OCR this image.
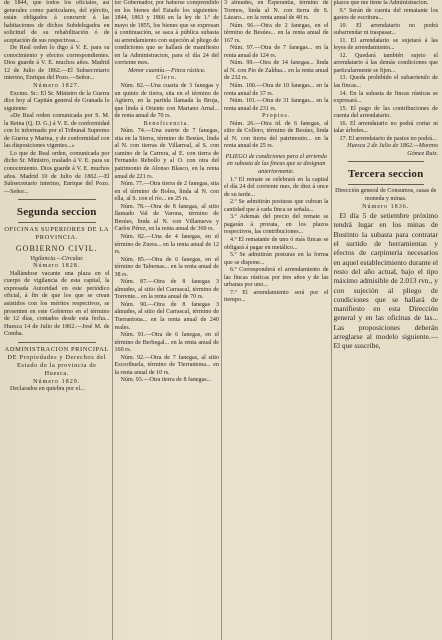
de 1844, que todos los oficiales, así generales como particulares, del ejército, están obligados á concurrir á las habitaciones de dichos Subdelegados en solicitud de su rehabilitación ó de aceptación de sus respectivas...

De Real orden lo digo á V. E. para su conocimiento y efectos correspondientes. Dios guarde á V. E. muchos años. Madrid 12 de Julio de 1862.—El Subsecretario interino, Enrique del Pozo.—Señor...

Número 1827.

Excmo. Sr.: El Sr. Ministro de la Guerra dice hoy al Capitán general de Granada lo siguiente:

«De Real orden comunicada por S. M. la Reina (Q. D. G.) á V. E. de conformidad con lo informado por el Tribunal Supremo de Guerra y Marina, y de conformidad con las disposiciones vigentes...»

Lo que de Real orden, comunicada por dicho Sr. Ministro, traslado á V. E. para su conocimiento. Dios guarde á V. E. muchos años. Madrid 10 de Julio de 1862.—El Subsecretario interino, Enrique del Pozo.—Señor...

Segunda seccion
OFICINAS SUPERIORES DE LA PROVINCIA.
GOBIERNO CIVIL.

Vigilancia.—Circular.

Número 1828.

Hallándose vacante una plaza en el cuerpo de vigilancia de esta capital, la expresada Autoridad en este periódico oficial, á fin de que los que se crean asistidos con los méritos respectivos, se presenten en este Gobierno en el término de 12 días, contados desde esta fecha... Huesca 14 de Julio de 1862.—José M. de Comba.

ADMINISTRACION PRINCIPAL DE Propiedades y Derechos del Estado de la provincia de Huesca.

Número 1829.

Declarados en quiebra por el...

tor Gobernador, por haberse comprendido en los bienes del Estado los siguientes: 1844, 1863 y 1866 en la ley de 1.º de mayo de 1855, los bienes que se expresan á continuación, se saca á pública subasta su arrendamiento con sujeción al pliego de condiciones que se hallará de manifiesto en la Administracion, para el día 24 del corriente mes.

Menor cuantía.—Finca rústica.

Clero.

Núm. 82.—Una cuarta de 3 fanegas y un quinto de tierra, sita en el término de Agüero, en la partida llamada la Bruja, que linda á Oriente con Mariano Arnal... de renta anual de 70 rs.

Beneficencia.

Núm. 74.—Una suerte de 7 fanegas, sita en la Sierra, término de Besúes, linda al N. con tierras de Villarreal, al S. con camino de la Carrera, al E. con tierra de Fernando Rebollo y al O. con otra del patrimonio de Alonso Blasco, en la renta anual de 221 rs.

Núm. 77.—Otra tierra de 2 fanegas, sita en el término de Bolea, linda al N. con ella, al S. con el río... en 25 rs.

Núm. 78.—Otra de 8 fanegas, al sitio llamado Val de Varona, término de Besúes, linda al N. con Villanueva y Carlos Pérez, en la renta anual de 360 rs.

Núm. 82.—Una de 4 fanegas, en el término de Zuera... en la renta anual de 12 rs.

Núm. 85.—Otra de 6 fanegas, en el término de Tabernas... en la renta anual de 38 rs.

Núm. 87.—Otra de 8 fanegas 3 almudes, al sitio del Carrascal, término de Torrente... en la renta anual de 70 rs.

Núm. 90.—Otra de 8 fanegas 3 almudes, al sitio del Carrascal, término de Tierrantona... en la renta anual de 240 reales.

Núm. 91.—Otra de 6 fanegas, en el término de Berbegal... en la renta anual de 160 rs.

Núm. 92.—Otra de 7 fanegas, al sitio Escorihuela, término de Tierrantona... en la renta anual de 10 rs.

Núm. 93.—Otra tierra de 8 fanegas...

3 almudes, en Esperantía, término de Tormos, linda al N. con tierra de S. Lázaro... en la renta anual de 40 rs.

Núm. 96.—Otra de 2 fanegas, en el término de Besúes... en la renta anual de 167 rs.

Núm. 97.—Otra de 7 fanegas... en la renta anual de 124 rs.

Núm. 99.—Otra de 14 fanegas... linda al N. con Pío de Zaldua... en la renta anual de 232 rs.

Núm. 100.—Otra de 10 fanegas... en la renta anual de 37 rs.

Núm. 101.—Otra de 31 fanegas... en la renta anual de 231 rs.

Propios.

Núm. 26.—Otra id. de 6 fanegas, al sitio de Colloro, término de Besúes, linda al N. con tierra del patrimonio... en la renta anual de 25 rs.

PLIEGO de condiciones para el arriendo en subasta de las fincas que se designan anteriormente.

1.º El remate se celebrará en la capital el día 24 del corriente mes, de diez á once de su tarde...

2.º Se admitirán posturas que cubran la cantidad que á cada finca se señala...

3.º Además del precio del remate se pagarán á prorata, en los plazos respectivos, las contribuciones...

4.º El rematante de uno ó más fincas se obligará á pagar en metálico...

5.º Se admitirán posturas en la forma que se dispone...

6.º Corresponderá el arrendamiento de las fincas rústicas por tres años y de las urbanas por uno...

7.º El arrendamiento será por el tiempo...

plazos que me tiene la Administracion.

9.º Serán de cuenta del rematante los gastos de escritura...

10. El arrendatario no podrá subarrendar ni traspasar...

11. El arrendatario se sujetará á las leyes de arrendamiento...

12. Quedará también sujeto el arrendatario á las demás condiciones que particularmente se fijen...

13. Queda prohibido el subarriendo de las fincas...

14. En la subasta de fincas rústicas se expresará...

15. El pago de las contribuciones de cuenta del arrendatario.

16. El arrendatario no podrá cortar ni talar árboles...

17. El arrendatario de pastos no podrá...

Huesca 2 de Julio de 1862.—Moreno Gómez Ruiz.

Tercera seccion

Dirección general de Consumos, casas de moneda y minas.

Número 1836.

El día 5 de setiembre próximo tendrá lugar en los minas de Bustinto la subasta para contratar el surtido de herramientas y efectos de carpintería necesarios en aquel establecimiento durante el resto del año actual, bajo el tipo máximo admisible de 2.013 rvn., y con sujeción al pliego de condiciones que se hallará de manifiesto en esta Dirección general y en las oficinas de las... Las proposiciones deberán arreglarse al modelo siguiente.—El que suscribe,
